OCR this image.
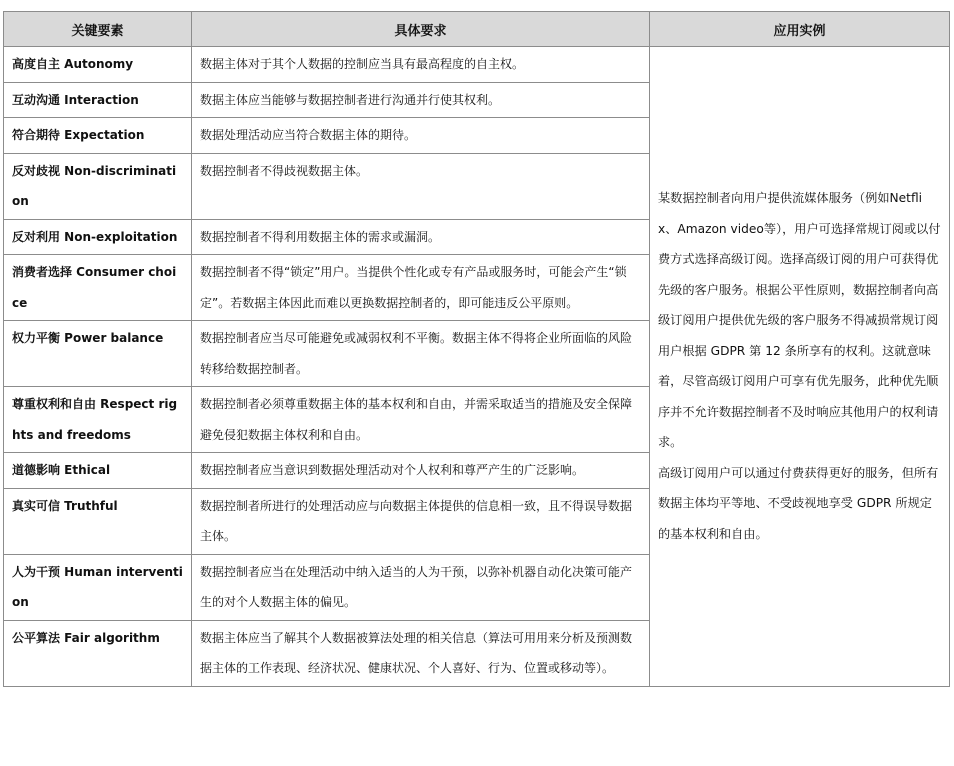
关键要素	具体要求	应用实例
高度自主 Autonomy	数据主体对于其个人数据的控制应当具有最高程度的自主权。	某数据控制者向用户提供流媒体服务（例如Netflix、Amazon video等），用户可选择常规订阅或以付费方式选择高级订阅。选择高级订阅的用户可获得优先级的客户服务。根据公平性原则，数据控制者向高级订阅用户提供优先级的客户服务不得减损常规订阅用户根据 GDPR 第 12 条所享有的权利。这就意味着，尽管高级订阅用户可享有优先服务，此种优先顺序并不允许数据控制者不及时响应其他用户的权利请求。

高级订阅用户可以通过付费获得更好的服务，但所有数据主体均平等地、不受歧视地享受 GDPR 所规定的基本权利和自由。

互动沟通 Interaction	数据主体应当能够与数据控制者进行沟通并行使其权利。	
符合期待 Expectation	数据处理活动应当符合数据主体的期待。	
反对歧视 Non-discrimination	数据控制者不得歧视数据主体。	
反对利用 Non-exploitation	数据控制者不得利用数据主体的需求或漏洞。	
消费者选择 Consumer choice	数据控制者不得“锁定”用户。当提供个性化或专有产品或服务时，可能会产生“锁定”。若数据主体因此而难以更换数据控制者的，即可能违反公平原则。	
权力平衡 Power balance	数据控制者应当尽可能避免或减弱权利不平衡。数据主体不得将企业所面临的风险转移给数据控制者。	
尊重权利和自由 Respect rights and freedoms	数据控制者必须尊重数据主体的基本权利和自由，并需采取适当的措施及安全保障避免侵犯数据主体权利和自由。	
道德影响 Ethical	数据控制者应当意识到数据处理活动对个人权利和尊严产生的广泛影响。	
真实可信 Truthful	数据控制者所进行的处理活动应与向数据主体提供的信息相一致，且不得误导数据主体。	
人为干预 Human intervention	数据控制者应当在处理活动中纳入适当的人为干预，以弥补机器自动化决策可能产生的对个人数据主体的偏见。	
公平算法 Fair algorithm	数据主体应当了解其个人数据被算法处理的相关信息（算法可用用来分析及预测数据主体的工作表现、经济状况、健康状况、个人喜好、行为、位置或移动等）。	
